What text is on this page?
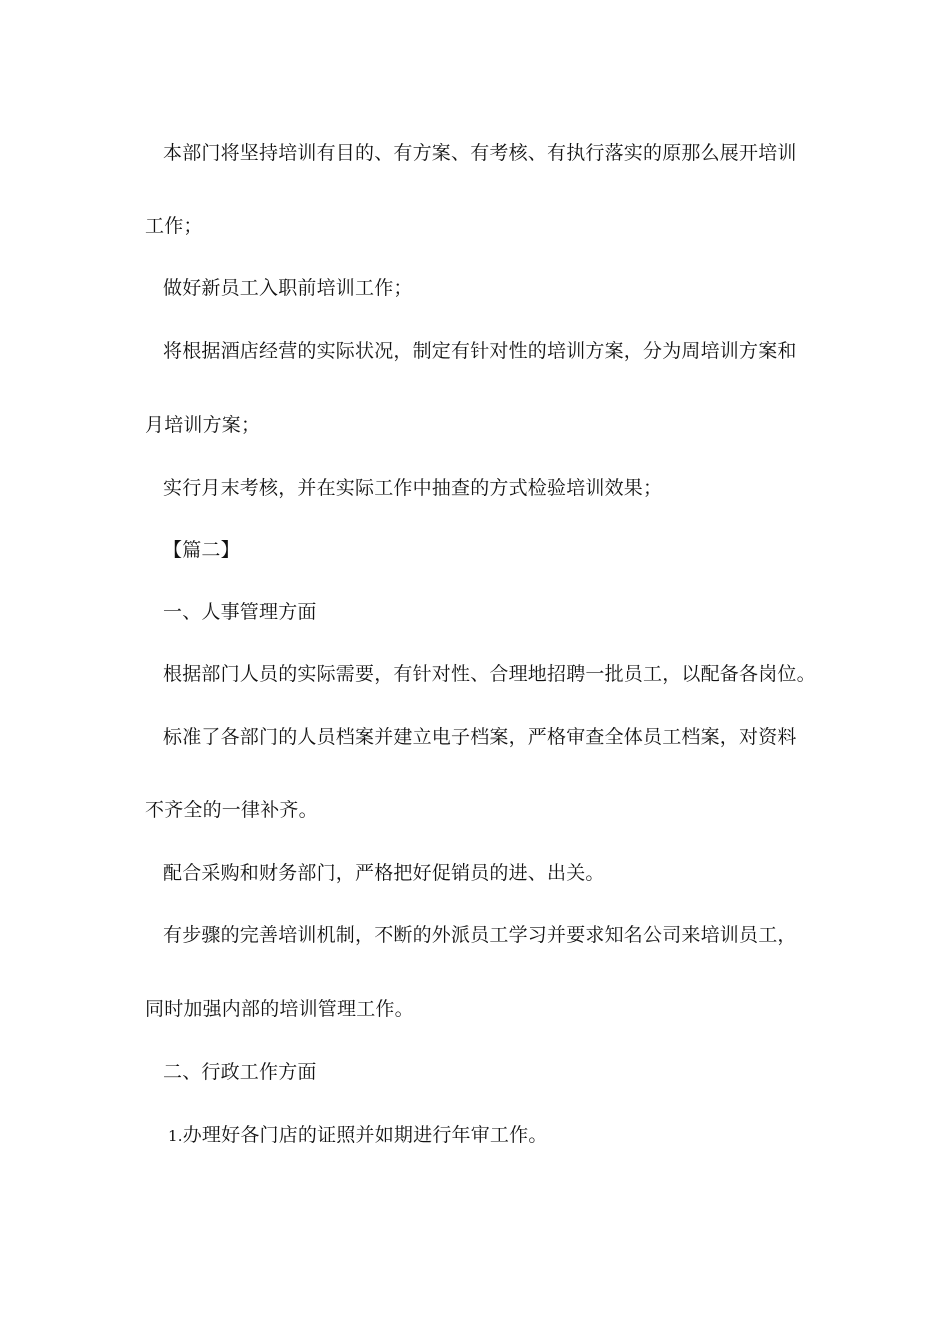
本部门将坚持培训有目的、有方案、有考核、有执行落实的原那么展开培训
工作；
做好新员工入职前培训工作；
将根据酒店经营的实际状况，制定有针对性的培训方案，分为周培训方案和
月培训方案；
实行月末考核，并在实际工作中抽查的方式检验培训效果；
【篇二】
一、人事管理方面
根据部门人员的实际需要，有针对性、合理地招聘一批员工，以配备各岗位。
标准了各部门的人员档案并建立电子档案，严格审查全体员工档案，对资料
不齐全的一律补齐。
配合采购和财务部门，严格把好促销员的进、出关。
有步骤的完善培训机制，不断的外派员工学习并要求知名公司来培训员工，
同时加强内部的培训管理工作。
二、行政工作方面
1.办理好各门店的证照并如期进行年审工作。
